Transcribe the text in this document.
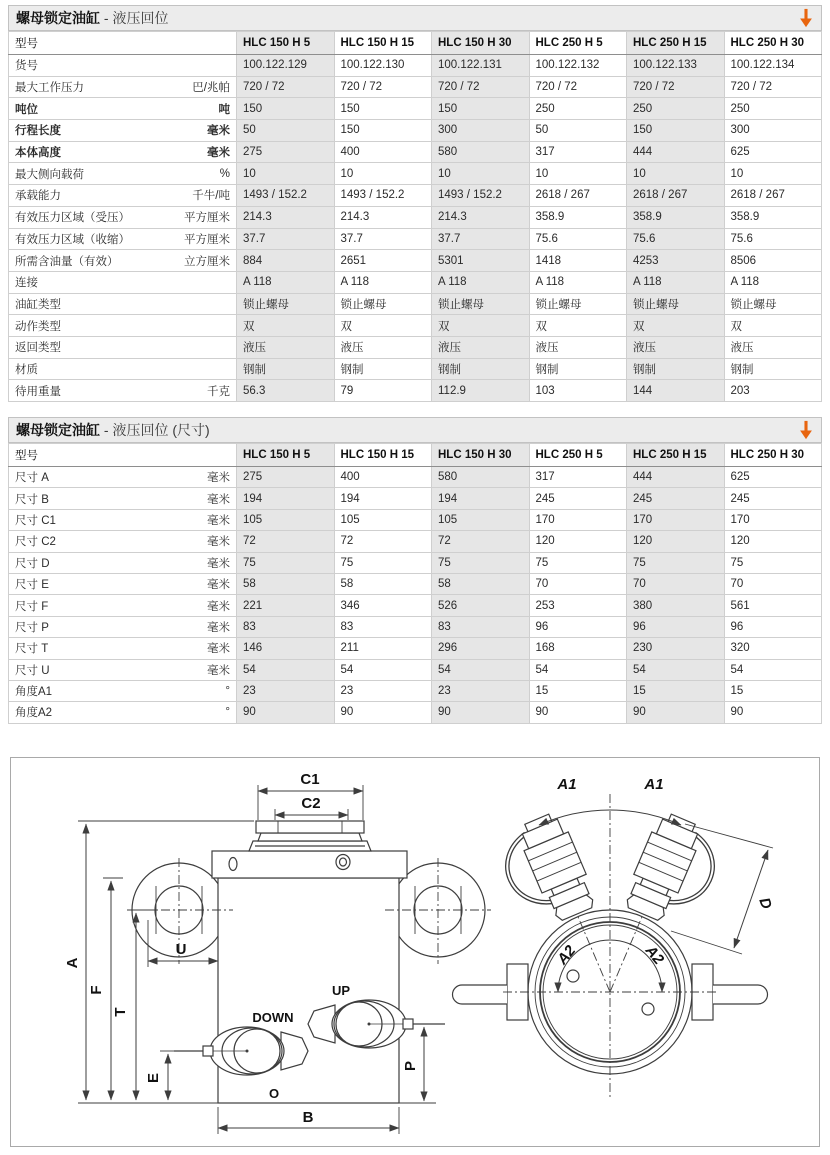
螺母锁定油缸 - 液压回位
型号	HLC 150 H 5	HLC 150 H 15	HLC 150 H 30	HLC 250 H 5	HLC 250 H 15	HLC 250 H 30

货号	100.122.129	100.122.130	100.122.131	100.122.132	100.122.133	100.122.134

最大工作压力 巴/兆帕	720 / 72	720 / 72	720 / 72	720 / 72	720 / 72	720 / 72

吨位 吨	150	150	150	250	250	250

行程长度 毫米	50	150	300	50	150	300

本体高度 毫米	275	400	580	317	444	625

最大侧向载荷 %	10	10	10	10	10	10

承载能力 千牛/吨	1493 / 152.2	1493 / 152.2	1493 / 152.2	2618 / 267	2618 / 267	2618 / 267

有效压力区域（受压） 平方厘米	214.3	214.3	214.3	358.9	358.9	358.9

有效压力区域（收缩） 平方厘米	37.7	37.7	37.7	75.6	75.6	75.6

所需含油量（有效） 立方厘米	884	2651	5301	1418	4253	8506

连接	A 118	A 118	A 118	A 118	A 118	A 118

油缸类型	锁止螺母	锁止螺母	锁止螺母	锁止螺母	锁止螺母	锁止螺母

动作类型	双	双	双	双	双	双

返回类型	液压	液压	液压	液压	液压	液压

材质	钢制	钢制	钢制	钢制	钢制	钢制

待用重量 千克	56.3	79	112.9	103	144	203
螺母锁定油缸 - 液压回位 (尺寸)
型号	HLC 150 H 5	HLC 150 H 15	HLC 150 H 30	HLC 250 H 5	HLC 250 H 15	HLC 250 H 30

尺寸 A 毫米	275	400	580	317	444	625

尺寸 B 毫米	194	194	194	245	245	245

尺寸 C1 毫米	105	105	105	170	170	170

尺寸 C2 毫米	72	72	72	120	120	120

尺寸 D 毫米	75	75	75	75	75	75

尺寸 E 毫米	58	58	58	70	70	70

尺寸 F 毫米	221	346	526	253	380	561

尺寸 P 毫米	83	83	83	96	96	96

尺寸 T 毫米	146	211	296	168	230	320

尺寸 U 毫米	54	54	54	54	54	54

角度A1 °	23	23	23	15	15	15

角度A2 °	90	90	90	90	90	90
C1
C2
A
F
T
E
U
B
P
O
DOWN
UP
A1	A1
A2	A2
D
